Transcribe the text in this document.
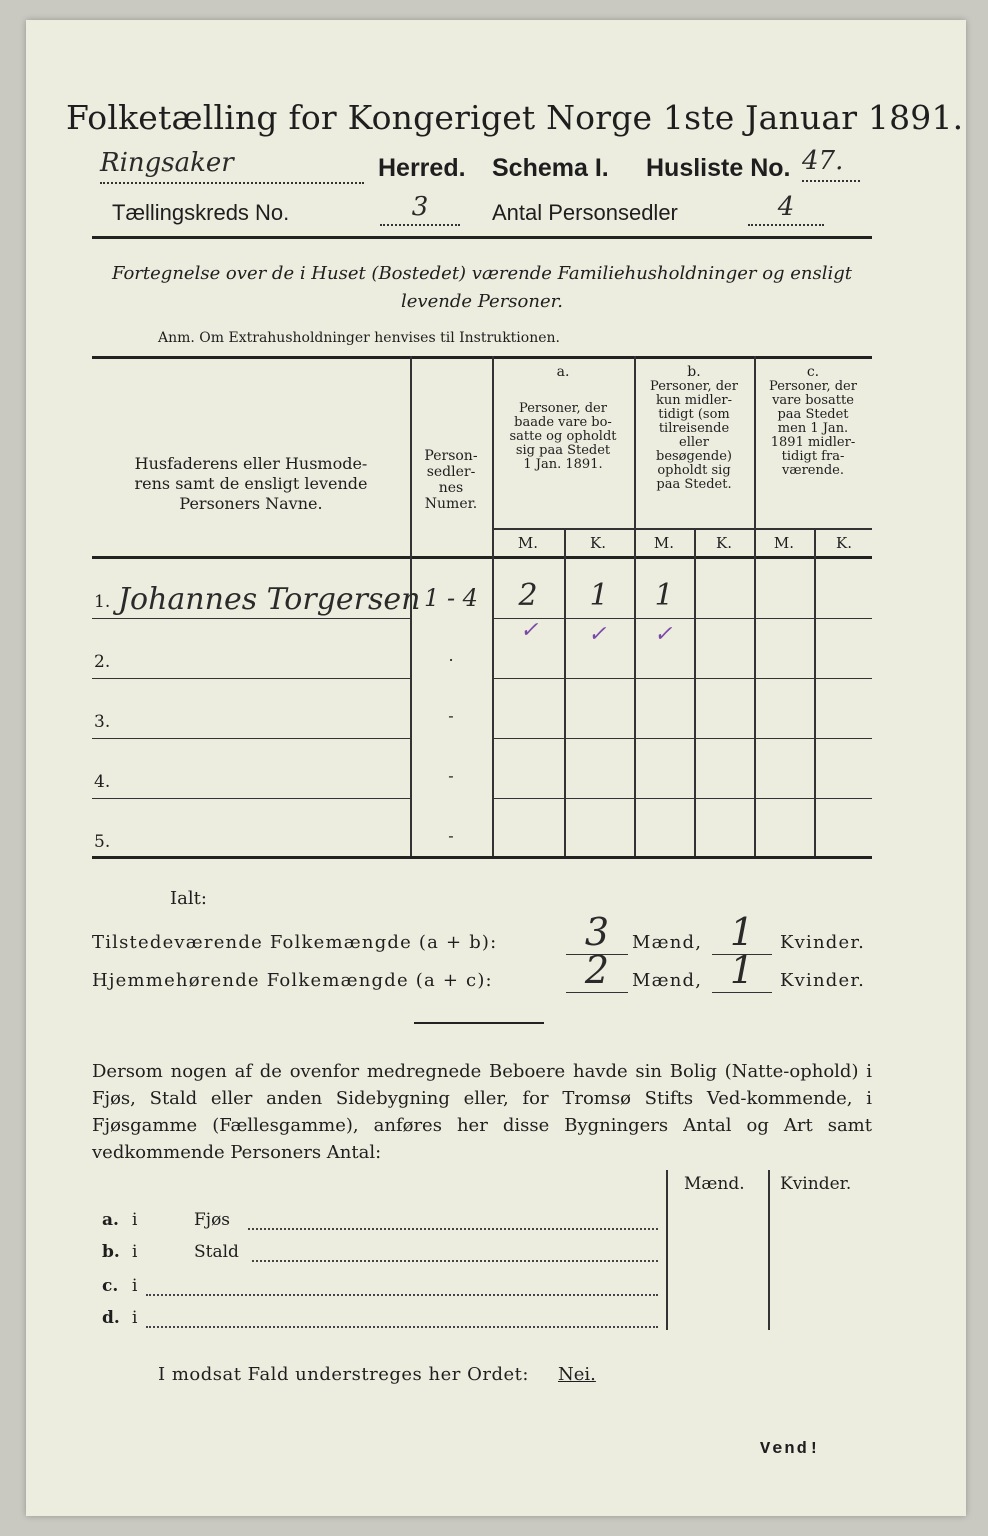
Folketælling for Kongeriget Norge 1ste Januar 1891.
Ringsaker	Herred. Schema I. Husliste No. 47.
Tællingskreds No.	3	Antal Personsedler	4
Fortegnelse over de i Huset (Bostedet) værende Familiehusholdninger og ensligt
levende Personer.
Anm. Om Extrahusholdninger henvises til Instruktionen.
Husfaderens eller Husmode-
rens samt de ensligt levende
Personers Navne.
Person-
sedler-
nes
Numer.
a.
Personer, der
baade vare bo-
satte og opholdt
sig paa Stedet
1 Jan. 1891.
b.
Personer, der
kun midler-
tidigt (som
tilreisende
eller
besøgende)
opholdt sig
paa Stedet.
c.
Personer, der
vare bosatte
paa Stedet
men 1 Jan.
1891 midler-
tidigt fra-
værende.
M.	K.	M.	K.	M.	K.
1. Johannes Torgersen 1 - 4	2	1	1
✓ ✓ ✓
2.	.
3.	-
4.	-
5.	-
Ialt:
Tilstedeværende Folkemængde (a + b):	3	Mænd, 1	Kvinder.
Hjemmehørende Folkemængde (a + c):	2	Mænd, 1	Kvinder.
Dersom nogen af de ovenfor medregnede Beboere havde sin Bolig (Natte-ophold) i Fjøs, Stald eller anden Sidebygning eller, for Tromsø Stifts Ved-kommende, i Fjøsgamme (Fællesgamme), anføres her disse Bygningers Antal og Art samt vedkommende Personers Antal:
Mænd. Kvinder.
a. i	Fjøs
b. i	Stald
c. i
d. i
I modsat Fald understreges her Ordet: Nei.
Vend!
